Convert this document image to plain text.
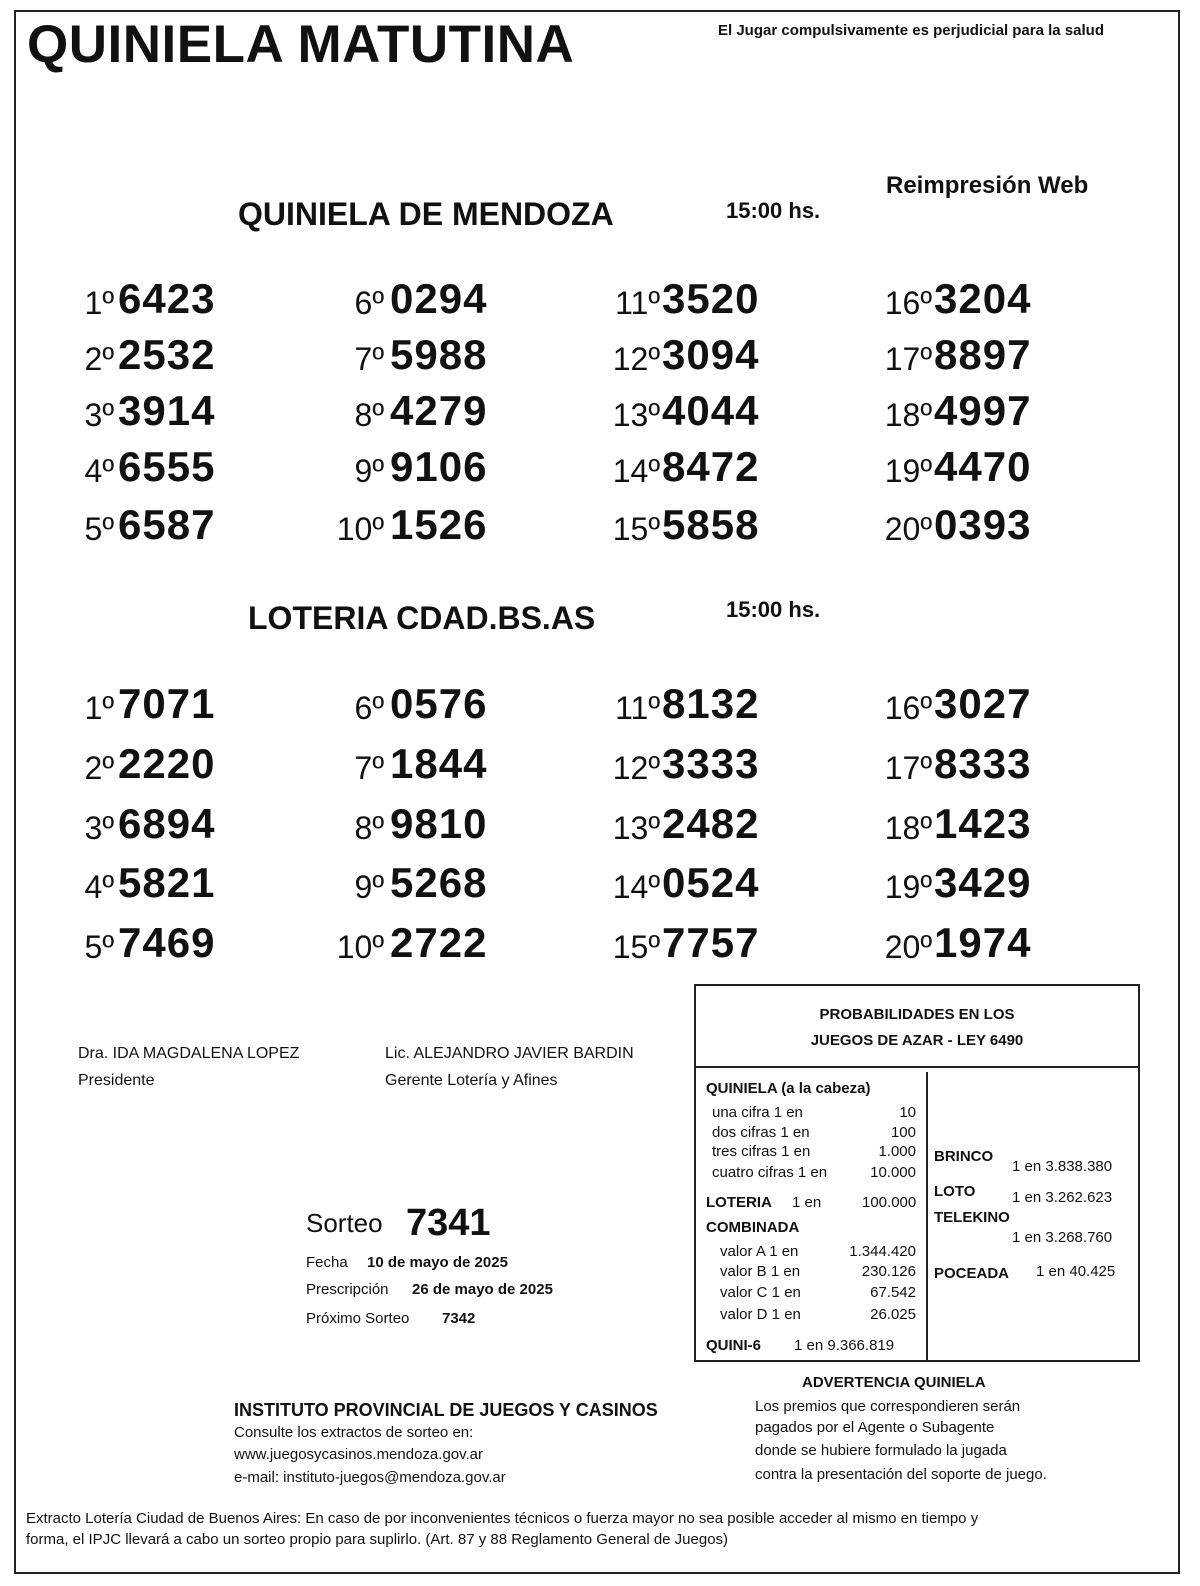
QUINIELA MATUTINA	El Jugar compulsivamente es perjudicial para la salud
Reimpresión Web
QUINIELA DE MENDOZA	15:00 hs.
1º 6423
2º 2532
3º 3914
4º 6555
5º 6587
6º 0294
7º 5988
8º 4279
9º 9106
10º 1526
11º 3520
12º 3094
13º 4044
14º 8472
15º 5858
16º 3204
17º 8897
18º 4997
19º 4470
20º 0393
LOTERIA CDAD.BS.AS	15:00 hs.
1º 7071
2º 2220
3º 6894
4º 5821
5º 7469
6º 0576
7º 1844
8º 9810
9º 5268
10º 2722
11º 8132
12º 3333
13º 2482
14º 0524
15º 7757
16º 3027
17º 8333
18º 1423
19º 3429
20º 1974
Dra. IDA MAGDALENA LOPEZ
Presidente
Lic. ALEJANDRO JAVIER BARDIN
Gerente Lotería y Afines
Sorteo 7341
Fecha 10 de mayo de 2025
Prescripción 26 de mayo de 2025
Próximo Sorteo 7342
PROBABILIDADES EN LOS
JUEGOS DE AZAR - LEY 6490
QUINIELA (a la cabeza)
una cifra 1 en	10
dos cifras 1 en	100
tres cifras 1 en	1.000
cuatro cifras 1 en	10.000
LOTERIA 1 en	100.000
COMBINADA
valor A 1 en	1.344.420
valor B 1 en	230.126
valor C 1 en	67.542
valor D 1 en	26.025
QUINI-6 1 en 9.366.819
BRINCO
1 en 3.838.380
LOTO 1 en 3.262.623
TELEKINO
1 en 3.268.760
POCEADA 1 en 40.425
ADVERTENCIA QUINIELA
Los premios que correspondieren serán
pagados por el Agente o Subagente
donde se hubiere formulado la jugada
contra la presentación del soporte de juego.
INSTITUTO PROVINCIAL DE JUEGOS Y CASINOS
Consulte los extractos de sorteo en:
www.juegosycasinos.mendoza.gov.ar
e-mail: instituto-juegos@mendoza.gov.ar
Extracto Lotería Ciudad de Buenos Aires: En caso de por inconvenientes técnicos o fuerza mayor no sea posible acceder al mismo en tiempo y
forma, el IPJC llevará a cabo un sorteo propio para suplirlo. (Art. 87 y 88 Reglamento General de Juegos)
